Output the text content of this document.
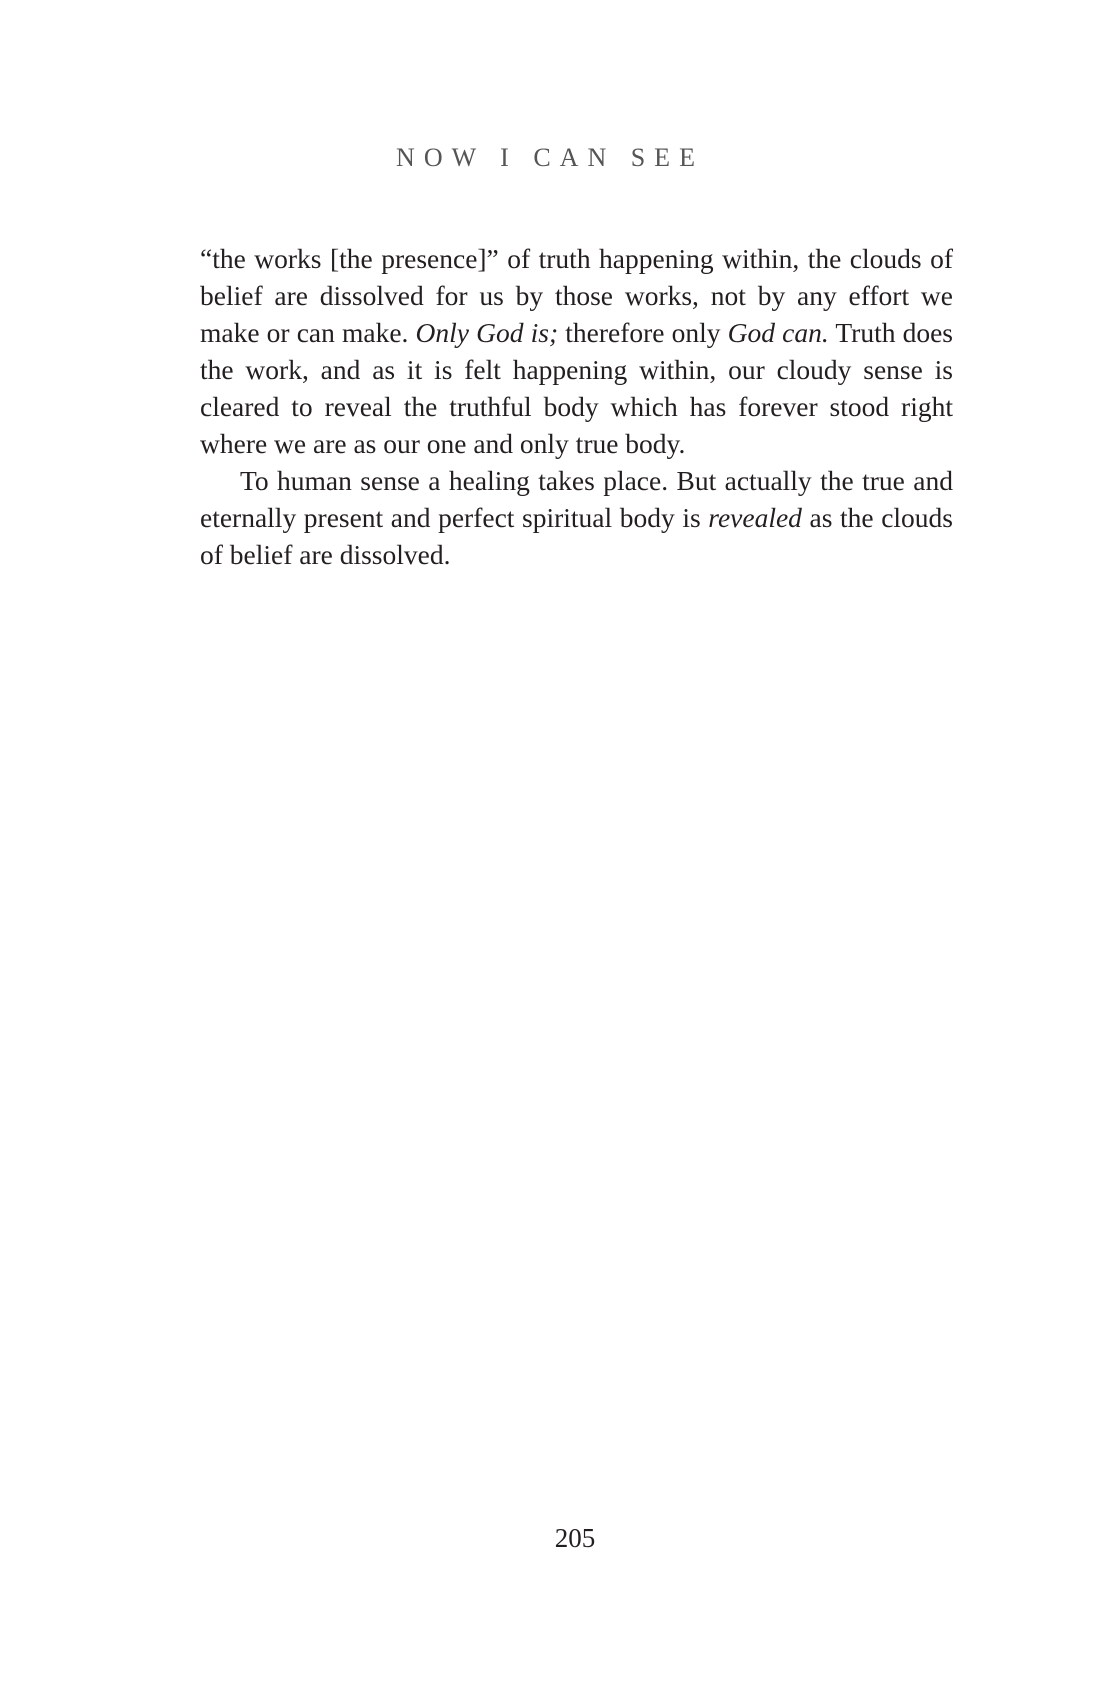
NOW I CAN SEE

“the works [the presence]” of truth happening within, the clouds of belief are dissolved for us by those works, not by any effort we make or can make. Only God is; therefore only God can. Truth does the work, and as it is felt happening within, our cloudy sense is cleared to reveal the truthful body which has forever stood right where we are as our one and only true body.

To human sense a healing takes place. But actually the true and eternally present and perfect spiritual body is revealed as the clouds of belief are dissolved.

205
